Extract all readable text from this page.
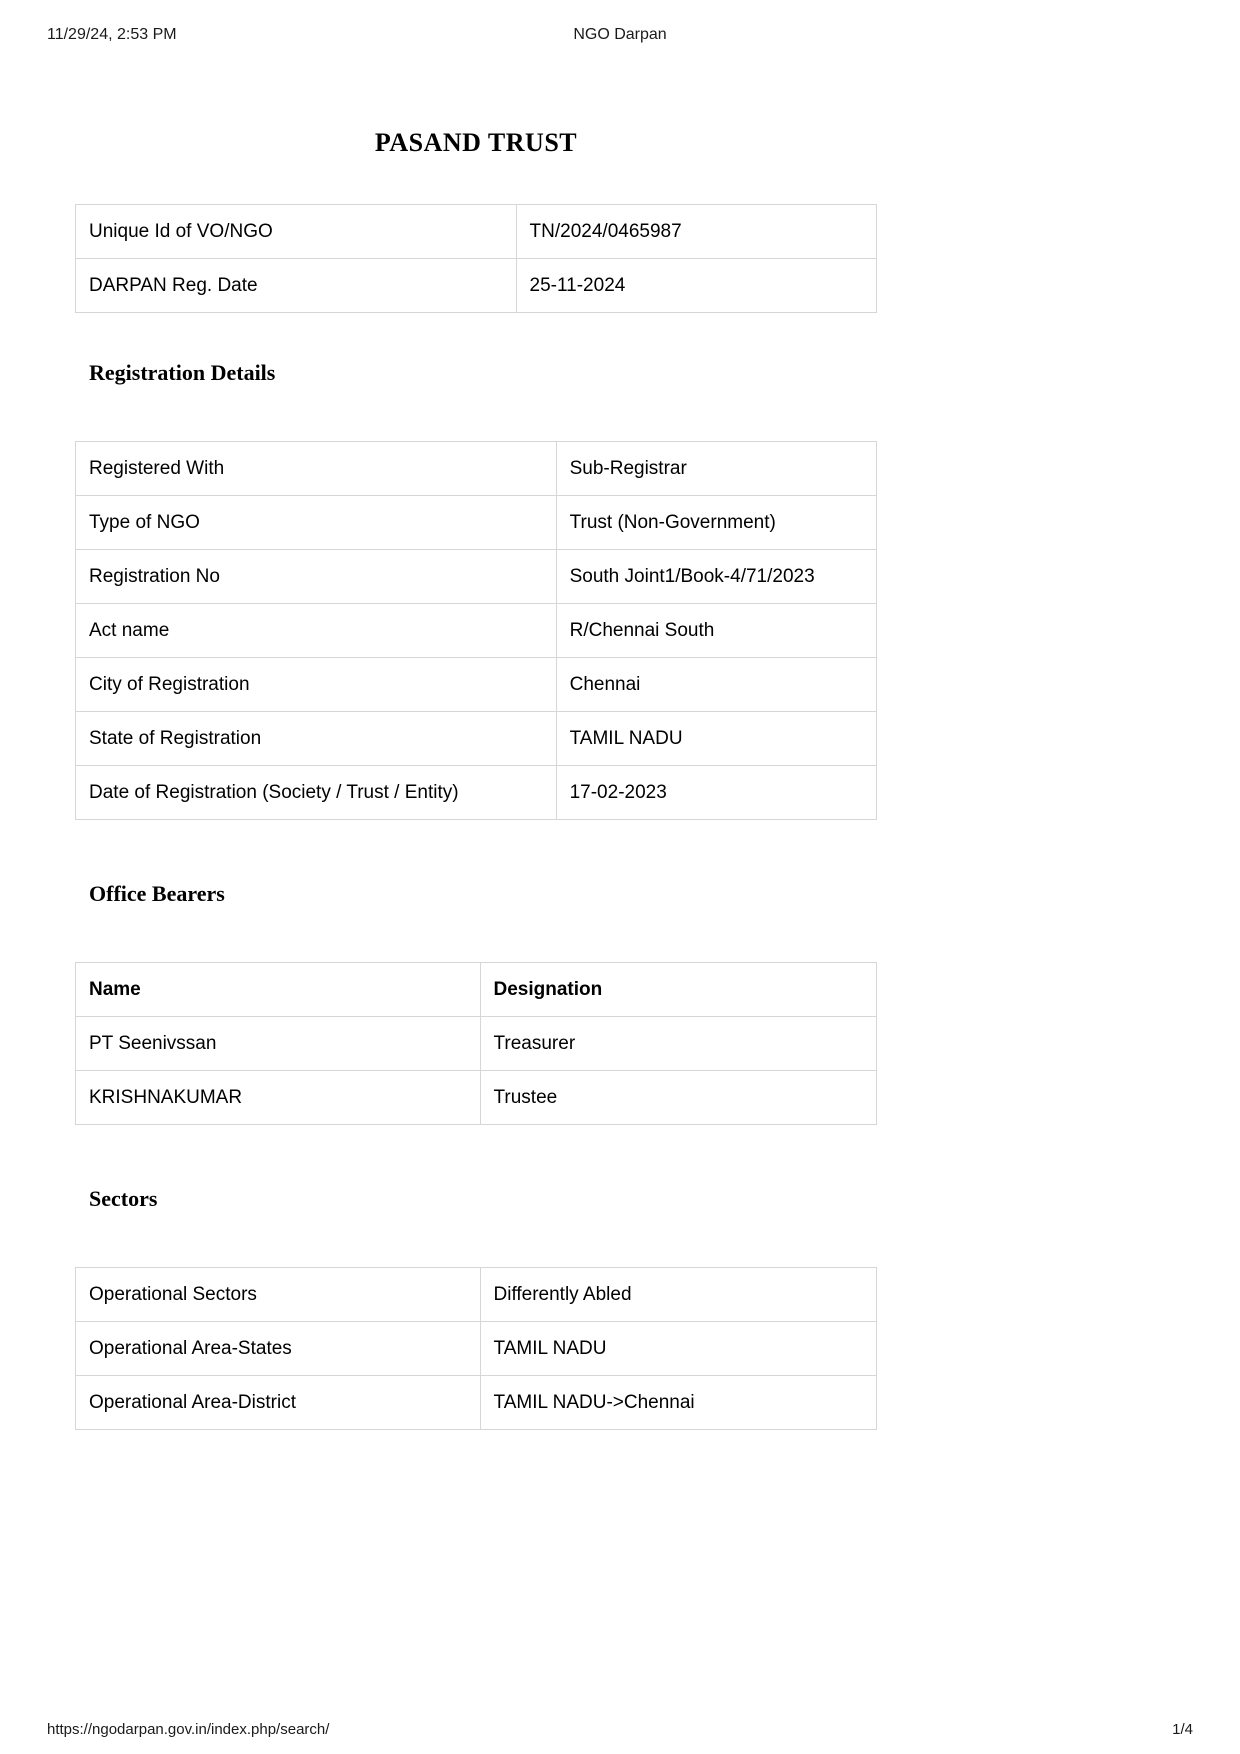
11/29/24, 2:53 PM	NGO Darpan
PASAND TRUST
Unique Id of VO/NGO	TN/2024/0465987
DARPAN Reg. Date	25-11-2024
Registration Details
Registered With	Sub-Registrar
Type of NGO	Trust (Non-Government)
Registration No	South Joint1/Book-4/71/2023
Act name	R/Chennai South
City of Registration	Chennai
State of Registration	TAMIL NADU
Date of Registration (Society / Trust / Entity)	17-02-2023
Office Bearers
Name	Designation
PT Seenivssan	Treasurer
KRISHNAKUMAR	Trustee
Sectors
Operational Sectors	Differently Abled
Operational Area-States	TAMIL NADU
Operational Area-District	TAMIL NADU->Chennai
https://ngodarpan.gov.in/index.php/search/	1/4
